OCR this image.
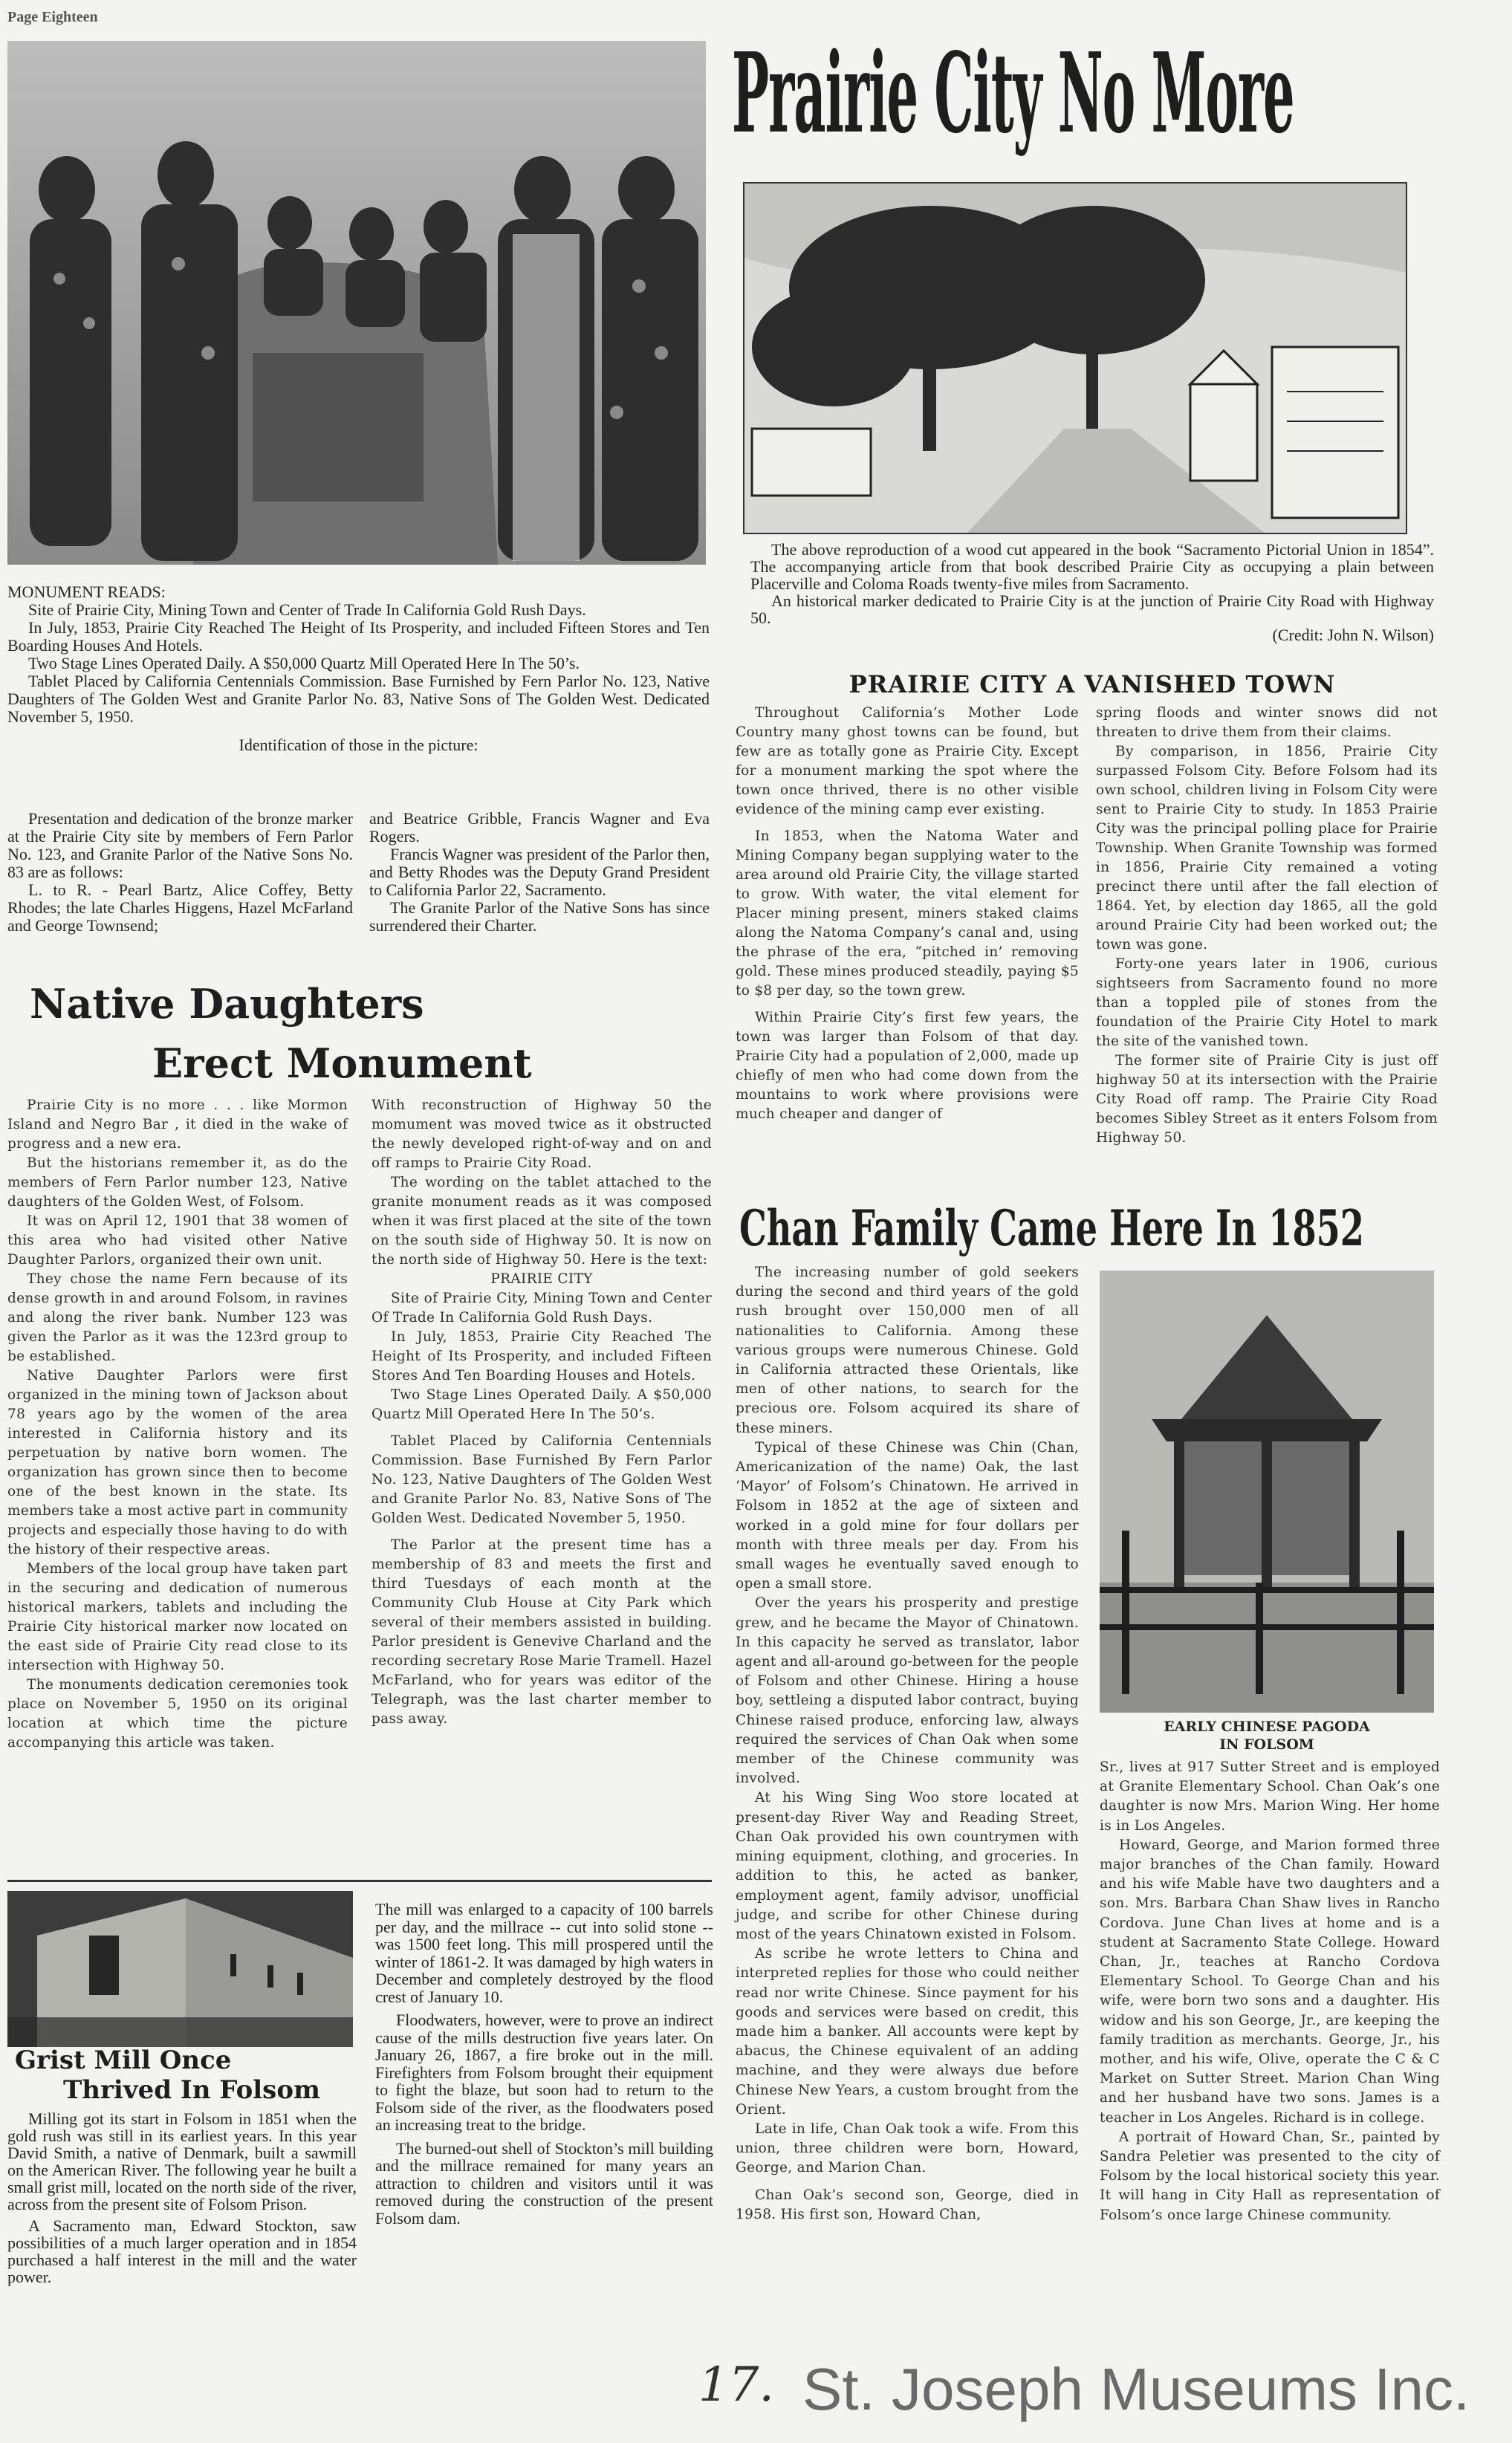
Page Eighteen
Prairie City No More

The above reproduction of a wood cut appeared in the book “Sacramento Pictorial Union in 1854”. The accompanying article from that book described Prairie City as occupying a plain between Placerville and Coloma Roads twenty-five miles from Sacramento.

An historical marker dedicated to Prairie City is at the junction of Prairie City Road with Highway 50.

(Credit: John N. Wilson)
PRAIRIE CITY A VANISHED TOWN

Throughout California’s Mother Lode Country many ghost towns can be found, but few are as totally gone as Prairie City. Except for a monument marking the spot where the town once thrived, there is no other visible evidence of the mining camp ever existing.

In 1853, when the Natoma Water and Mining Company began supplying water to the area around old Prairie City, the village started to grow. With water, the vital element for Placer mining present, miners staked claims along the Natoma Company’s canal and, using the phrase of the era, “pitched in’ removing gold. These mines produced steadily, paying $5 to $8 per day, so the town grew.

Within Prairie City’s first few years, the town was larger than Folsom of that day. Prairie City had a population of 2,000, made up chiefly of men who had come down from the mountains to work where provisions were much cheaper and danger of

spring floods and winter snows did not threaten to drive them from their claims.

By comparison, in 1856, Prairie City surpassed Folsom City. Before Folsom had its own school, children living in Folsom City were sent to Prairie City to study. In 1853 Prairie City was the principal polling place for Prairie Township. When Granite Township was formed in 1856, Prairie City remained a voting precinct there until after the fall election of 1864. Yet, by election day 1865, all the gold around Prairie City had been worked out; the town was gone.

Forty-one years later in 1906, curious sightseers from Sacramento found no more than a toppled pile of stones from the foundation of the Prairie City Hotel to mark the site of the vanished town.

The former site of Prairie City is just off highway 50 at its intersection with the Prairie City Road off ramp. The Prairie City Road becomes Sibley Street as it enters Folsom from Highway 50.

MONUMENT READS:

Site of Prairie City, Mining Town and Center of Trade In California Gold Rush Days.

In July, 1853, Prairie City Reached The Height of Its Prosperity, and included Fifteen Stores and Ten Boarding Houses And Hotels.

Two Stage Lines Operated Daily. A $50,000 Quartz Mill Operated Here In The 50’s.

Tablet Placed by California Centennials Commission. Base Furnished by Fern Parlor No. 123, Native Daughters of The Golden West and Granite Parlor No. 83, Native Sons of The Golden West. Dedicated November 5, 1950.

Identification of those in the picture:

Presentation and dedication of the bronze marker at the Prairie City site by members of Fern Parlor No. 123, and Granite Parlor of the Native Sons No. 83 are as follows:

L. to R. - Pearl Bartz, Alice Coffey, Betty Rhodes; the late Charles Higgens, Hazel McFarland and George Townsend;

and Beatrice Gribble, Francis Wagner and Eva Rogers.

Francis Wagner was president of the Parlor then, and Betty Rhodes was the Deputy Grand President to California Parlor 22, Sacramento.

The Granite Parlor of the Native Sons has since surrendered their Charter.

Native Daughters
Erect Monument

Prairie City is no more . . . like Mormon Island and Negro Bar , it died in the wake of progress and a new era.

But the historians remember it, as do the members of Fern Parlor number 123, Native daughters of the Golden West, of Folsom.

It was on April 12, 1901 that 38 women of this area who had visited other Native Daughter Parlors, organized their own unit.

They chose the name Fern because of its dense growth in and around Folsom, in ravines and along the river bank. Number 123 was given the Parlor as it was the 123rd group to be established.

Native Daughter Parlors were first organized in the mining town of Jackson about 78 years ago by the women of the area interested in California history and its perpetuation by native born women. The organization has grown since then to become one of the best known in the state. Its members take a most active part in community projects and especially those having to do with the history of their respective areas.

Members of the local group have taken part in the securing and dedication of numerous historical markers, tablets and including the Prairie City historical marker now located on the east side of Prairie City read close to its intersection with Highway 50.

The monuments dedication ceremonies took place on November 5, 1950 on its original location at which time the picture accompanying this article was taken.

With reconstruction of Highway 50 the momument was moved twice as it obstructed the newly developed right-of-way and on and off ramps to Prairie City Road.

The wording on the tablet attached to the granite monument reads as it was composed when it was first placed at the site of the town on the south side of Highway 50. It is now on the north side of Highway 50. Here is the text:

PRAIRIE CITY

Site of Prairie City, Mining Town and Center Of Trade In California Gold Rush Days.

In July, 1853, Prairie City Reached The Height of Its Prosperity, and included Fifteen Stores And Ten Boarding Houses and Hotels.

Two Stage Lines Operated Daily. A $50,000 Quartz Mill Operated Here In The 50’s.

Tablet Placed by California Centennials Commission. Base Furnished By Fern Parlor No. 123, Native Daughters of The Golden West and Granite Parlor No. 83, Native Sons of The Golden West. Dedicated November 5, 1950.

The Parlor at the present time has a membership of 83 and meets the first and third Tuesdays of each month at the Community Club House at City Park which several of their members assisted in building. Parlor president is Genevive Charland and the recording secretary Rose Marie Tramell. Hazel McFarland, who for years was editor of the Telegraph, was the last charter member to pass away.

Chan Family Came Here In 1852

The increasing number of gold seekers during the second and third years of the gold rush brought over 150,000 men of all nationalities to California. Among these various groups were numerous Chinese. Gold in California attracted these Orientals, like men of other nations, to search for the precious ore. Folsom acquired its share of these miners.

Typical of these Chinese was Chin (Chan, Americanization of the name) Oak, the last ‘Mayor’ of Folsom’s Chinatown. He arrived in Folsom in 1852 at the age of sixteen and worked in a gold mine for four dollars per month with three meals per day. From his small wages he eventually saved enough to open a small store.

Over the years his prosperity and prestige grew, and he became the Mayor of Chinatown. In this capacity he served as translator, labor agent and all-around go-between for the people of Folsom and other Chinese. Hiring a house boy, settleing a disputed labor contract, buying Chinese raised produce, enforcing law, always required the services of Chan Oak when some member of the Chinese community was involved.

At his Wing Sing Woo store located at present-day River Way and Reading Street, Chan Oak provided his own countrymen with mining equipment, clothing, and groceries. In addition to this, he acted as banker, employment agent, family advisor, unofficial judge, and scribe for other Chinese during most of the years Chinatown existed in Folsom.

As scribe he wrote letters to China and interpreted replies for those who could neither read nor write Chinese. Since payment for his goods and services were based on credit, this made him a banker. All accounts were kept by abacus, the Chinese equivalent of an adding machine, and they were always due before Chinese New Years, a custom brought from the Orient.

Late in life, Chan Oak took a wife. From this union, three children were born, Howard, George, and Marion Chan.

Chan Oak’s second son, George, died in 1958. His first son, Howard Chan,

EARLY CHINESE PAGODA
IN FOLSOM

Sr., lives at 917 Sutter Street and is employed at Granite Elementary School. Chan Oak’s one daughter is now Mrs. Marion Wing. Her home is in Los Angeles.

Howard, George, and Marion formed three major branches of the Chan family. Howard and his wife Mable have two daughters and a son. Mrs. Barbara Chan Shaw lives in Rancho Cordova. June Chan lives at home and is a student at Sacramento State College. Howard Chan, Jr., teaches at Rancho Cordova Elementary School. To George Chan and his wife, were born two sons and a daughter. His widow and his son George, Jr., are keeping the family tradition as merchants. George, Jr., his mother, and his wife, Olive, operate the C & C Market on Sutter Street. Marion Chan Wing and her husband have two sons. James is a teacher in Los Angeles. Richard is in college.

A portrait of Howard Chan, Sr., painted by Sandra Peletier was presented to the city of Folsom by the local historical society this year. It will hang in City Hall as representation of Folsom’s once large Chinese community.

Grist Mill Once
Thrived In Folsom

Milling got its start in Folsom in 1851 when the gold rush was still in its earliest years. In this year David Smith, a native of Denmark, built a sawmill on the American River. The following year he built a small grist mill, located on the north side of the river, across from the present site of Folsom Prison.

A Sacramento man, Edward Stockton, saw possibilities of a much larger operation and in 1854 purchased a half interest in the mill and the water power.

The mill was enlarged to a capacity of 100 barrels per day, and the millrace -- cut into solid stone -- was 1500 feet long. This mill prospered until the winter of 1861-2. It was damaged by high waters in December and completely destroyed by the flood crest of January 10.

Floodwaters, however, were to prove an indirect cause of the mills destruction five years later. On January 26, 1867, a fire broke out in the mill. Firefighters from Folsom brought their equipment to fight the blaze, but soon had to return to the Folsom side of the river, as the floodwaters posed an increasing treat to the bridge.

The burned-out shell of Stockton’s mill building and the millrace remained for many years an attraction to children and visitors until it was removed during the construction of the present Folsom dam.

St. Joseph Museums Inc.
17.
